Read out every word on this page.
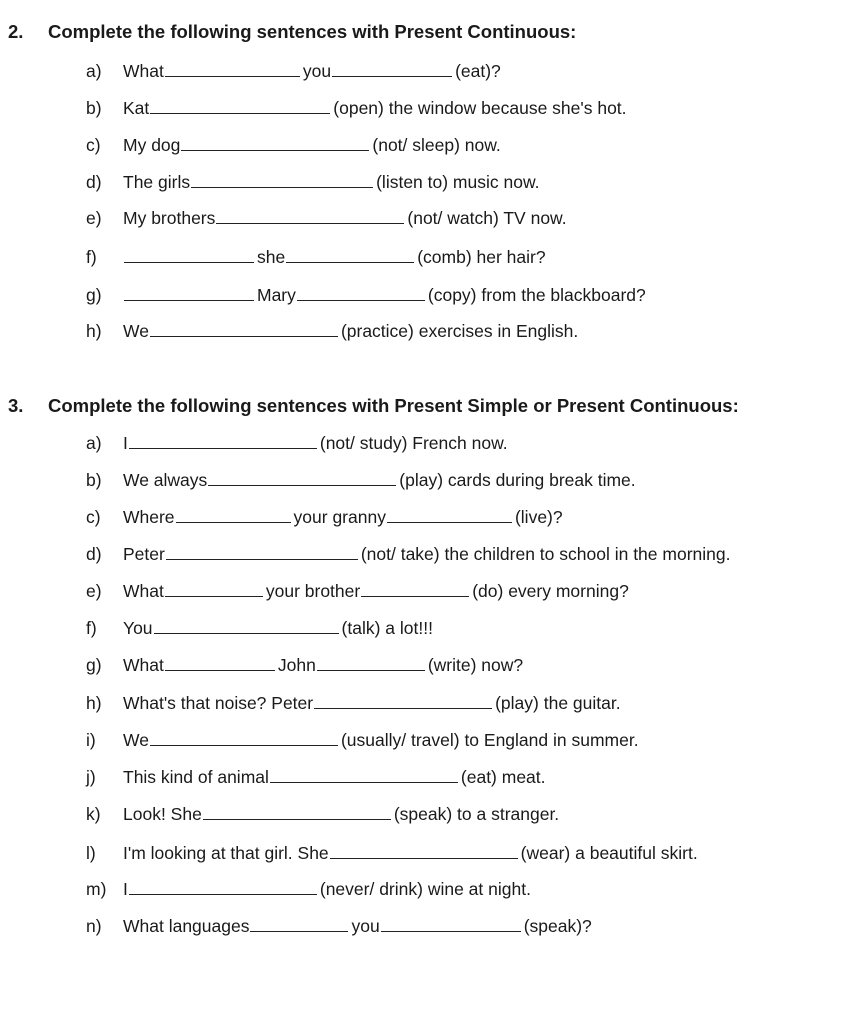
2. Complete the following sentences with Present Continuous:
a) What	you	(eat)?
b) Kat	(open) the window because she's hot.
c) My dog	(not/ sleep) now.
d) The girls	(listen to) music now.
e) My brothers	(not/ watch) TV now.
f)	she	(comb) her hair?
g)	Mary	(copy) from the blackboard?
h) We	(practice) exercises in English.
3. Complete the following sentences with Present Simple or Present Continuous:
a) I	(not/ study) French now.
b) We always	(play) cards during break time.
c) Where	your granny	(live)?
d) Peter	(not/ take) the children to school in the morning.
e) What	your brother	(do) every morning?
f) You	(talk) a lot!!!
g) What	John	(write) now?
h) What's that noise? Peter	(play) the guitar.
i) We	(usually/ travel) to England in summer.
j) This kind of animal	(eat) meat.
k) Look! She	(speak) to a stranger.
l) I'm looking at that girl. She	(wear) a beautiful skirt.
m) I	(never/ drink) wine at night.
n) What languages	you	(speak)?
